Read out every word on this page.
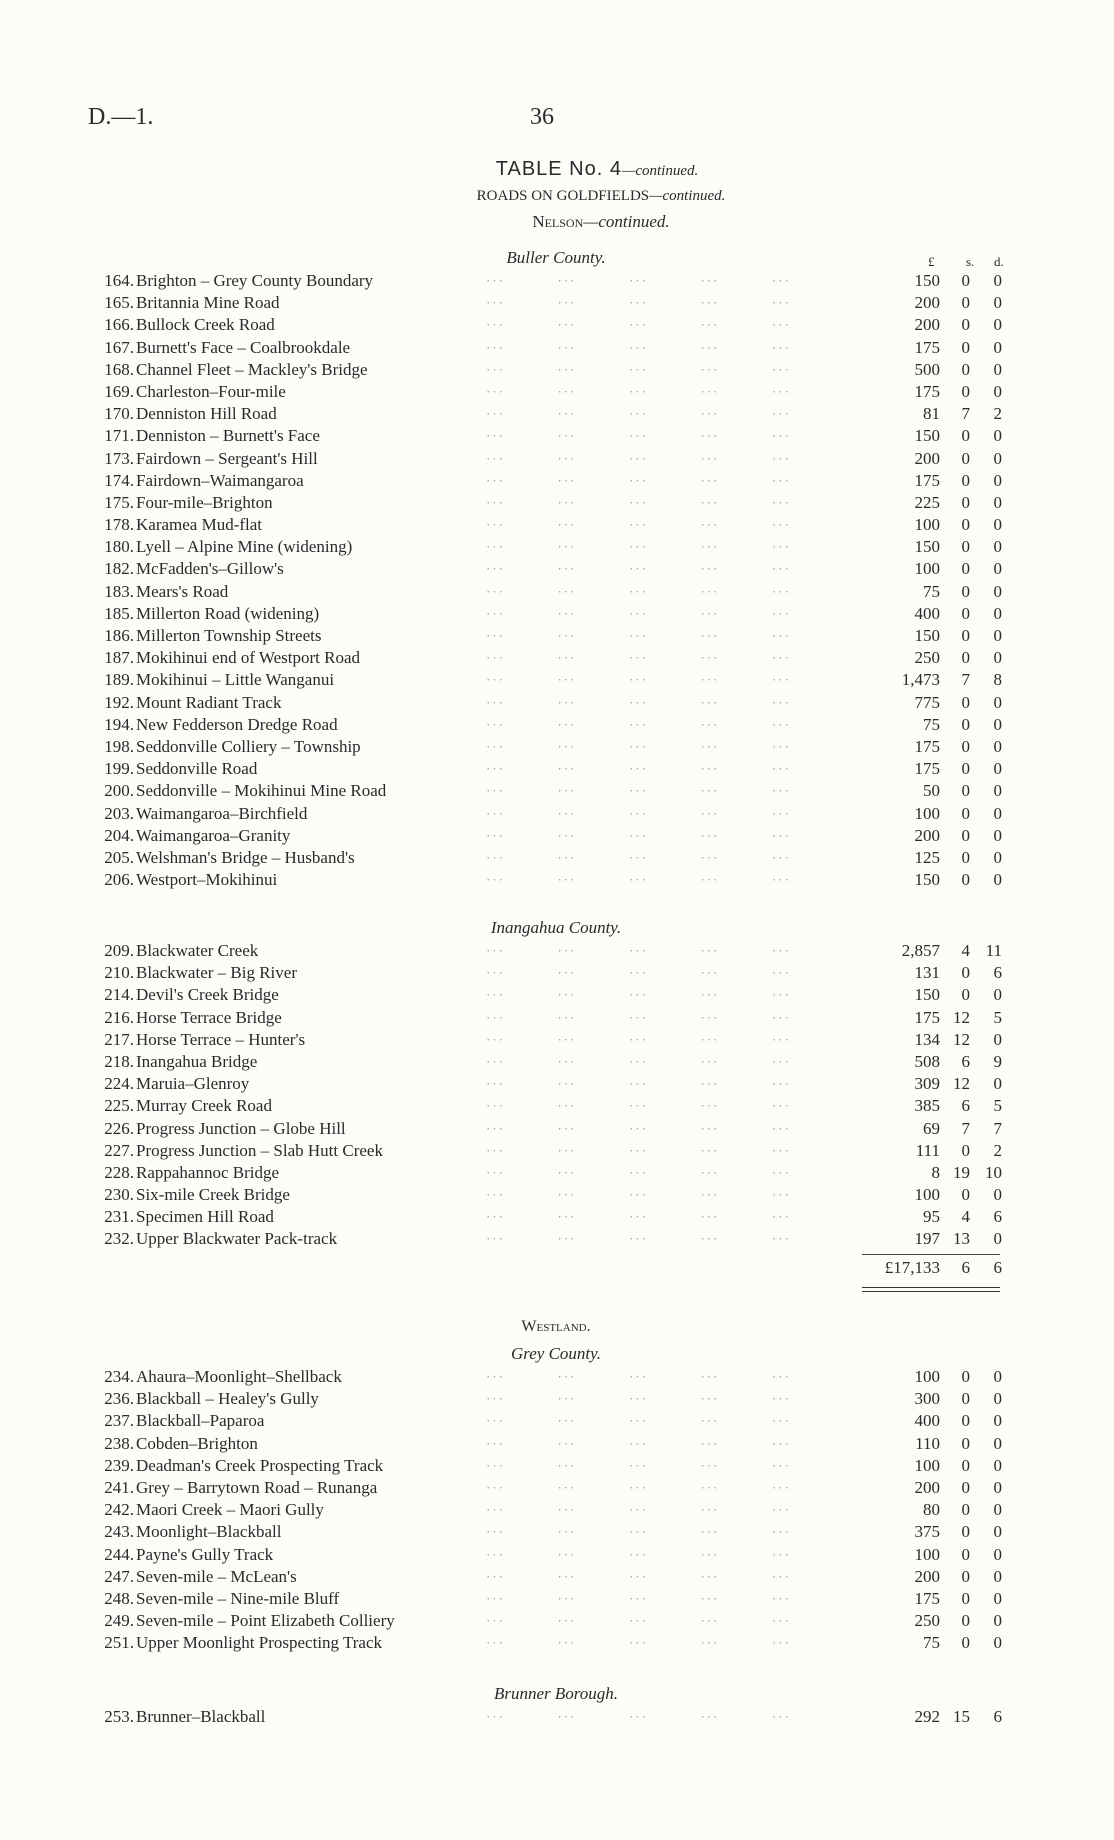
D.—1.	36
TABLE No. 4—continued.
ROADS ON GOLDFIELDS—continued.
Nelson—continued.
£ s. d.
Buller County.
164. Brighton – Grey County Boundary	150	0	0
···          ···          ···          ···          ···
165. Britannia Mine Road	200	0	0
···          ···          ···          ···          ···
166. Bullock Creek Road	200	0	0
···          ···          ···          ···          ···
167. Burnett's Face – Coalbrookdale	175	0	0
···          ···          ···          ···          ···
168. Channel Fleet – Mackley's Bridge	500	0	0
···          ···          ···          ···          ···
169. Charleston–Four-mile	175	0	0
···          ···          ···          ···          ···
170. Denniston Hill Road	81	7	2
···          ···          ···          ···          ···
171. Denniston – Burnett's Face	150	0	0
···          ···          ···          ···          ···
173. Fairdown – Sergeant's Hill	200	0	0
···          ···          ···          ···          ···
174. Fairdown–Waimangaroa	175	0	0
···          ···          ···          ···          ···
175. Four-mile–Brighton	225	0	0
···          ···          ···          ···          ···
178. Karamea Mud-flat	100	0	0
···          ···          ···          ···          ···
180. Lyell – Alpine Mine (widening)	150	0	0
···          ···          ···          ···          ···
182. McFadden's–Gillow's	100	0	0
···          ···          ···          ···          ···
183. Mears's Road	75	0	0
···          ···          ···          ···          ···
185. Millerton Road (widening)	400	0	0
···          ···          ···          ···          ···
186. Millerton Township Streets	150	0	0
···          ···          ···          ···          ···
187. Mokihinui end of Westport Road	250	0	0
···          ···          ···          ···          ···
189. Mokihinui – Little Wanganui	1,473	7	8
···          ···          ···          ···          ···
192. Mount Radiant Track	775	0	0
···          ···          ···          ···          ···
194. New Fedderson Dredge Road	75	0	0
···          ···          ···          ···          ···
198. Seddonville Colliery – Township	175	0	0
···          ···          ···          ···          ···
199. Seddonville Road	175	0	0
···          ···          ···          ···          ···
200. Seddonville – Mokihinui Mine Road	50	0	0
···          ···          ···          ···          ···
203. Waimangaroa–Birchfield	100	0	0
···          ···          ···          ···          ···
204. Waimangaroa–Granity	200	0	0
···          ···          ···          ···          ···
205. Welshman's Bridge – Husband's	125	0	0
···          ···          ···          ···          ···
206. Westport–Mokihinui	150	0	0
···          ···          ···          ···          ···
Inangahua County.
209. Blackwater Creek	2,857	4 11
···          ···          ···          ···          ···
210. Blackwater – Big River	131	0	6
···          ···          ···          ···          ···
214. Devil's Creek Bridge	150	0	0
···          ···          ···          ···          ···
216. Horse Terrace Bridge	175 12	5
···          ···          ···          ···          ···
217. Horse Terrace – Hunter's	134 12	0
···          ···          ···          ···          ···
218. Inangahua Bridge	508	6	9
···          ···          ···          ···          ···
224. Maruia–Glenroy	309 12	0
···          ···          ···          ···          ···
225. Murray Creek Road	385	6	5
···          ···          ···          ···          ···
226. Progress Junction – Globe Hill	69	7	7
···          ···          ···          ···          ···
227. Progress Junction – Slab Hutt Creek	111	0	2
···          ···          ···          ···          ···
228. Rappahannoc Bridge	8 19 10
···          ···          ···          ···          ···
230. Six-mile Creek Bridge	100	0	0
···          ···          ···          ···          ···
231. Specimen Hill Road	95	4	6
···          ···          ···          ···          ···
232. Upper Blackwater Pack-track	197 13	0
···          ···          ···          ···          ···
£17,133	6	6
Westland.
Grey County.
234. Ahaura–Moonlight–Shellback	100	0	0
···          ···          ···          ···          ···
236. Blackball – Healey's Gully	300	0	0
···          ···          ···          ···          ···
237. Blackball–Paparoa	400	0	0
···          ···          ···          ···          ···
238. Cobden–Brighton	110	0	0
···          ···          ···          ···          ···
239. Deadman's Creek Prospecting Track	100	0	0
···          ···          ···          ···          ···
241. Grey – Barrytown Road – Runanga	200	0	0
···          ···          ···          ···          ···
242. Maori Creek – Maori Gully	80	0	0
···          ···          ···          ···          ···
243. Moonlight–Blackball	375	0	0
···          ···          ···          ···          ···
244. Payne's Gully Track	100	0	0
···          ···          ···          ···          ···
247. Seven-mile – McLean's	200	0	0
···          ···          ···          ···          ···
248. Seven-mile – Nine-mile Bluff	175	0	0
···          ···          ···          ···          ···
249. Seven-mile – Point Elizabeth Colliery	250	0	0
···          ···          ···          ···          ···
251. Upper Moonlight Prospecting Track	75	0	0
···          ···          ···          ···          ···
Brunner Borough.
253. Brunner–Blackball	292 15	6
···          ···          ···          ···          ···
